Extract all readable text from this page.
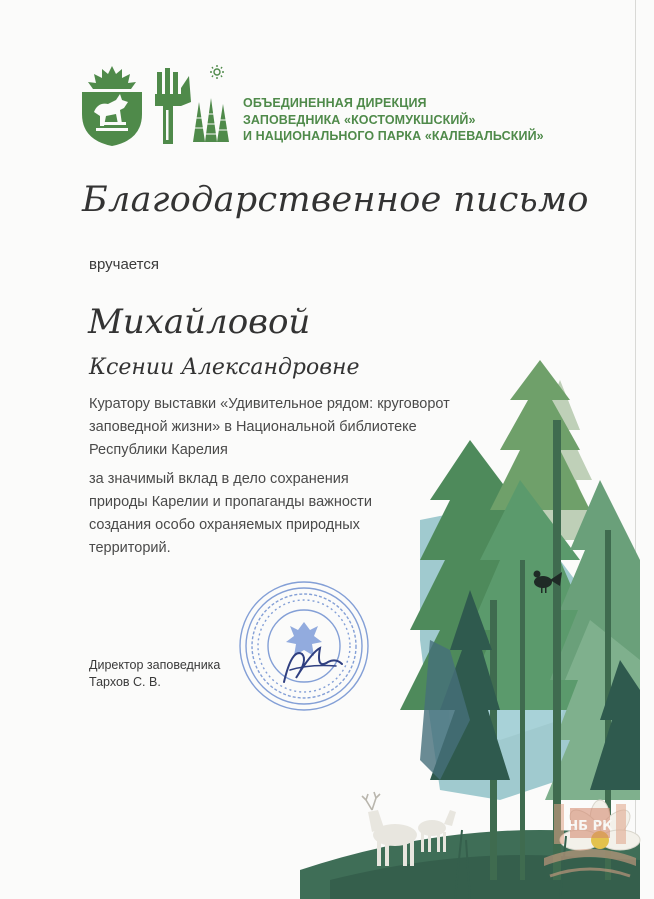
ОБЪЕДИНЕННАЯ ДИРЕКЦИЯ
ЗАПОВЕДНИКА «КОСТОМУКШСКИЙ»
И НАЦИОНАЛЬНОГО ПАРКА «КАЛЕВАЛЬСКИЙ»
Благодарственное письмо
вручается
Михайловой
Ксении Александровне
Куратору выставки «Удивительное рядом: круговорот
заповедной жизни» в Национальной библиотеке
Республики Карелия
за значимый вклад в дело сохранения
природы Карелии и пропаганды важности
создания особо охраняемых природных
территорий.
Директор заповедника
Тархов С. В.
НБ РК
